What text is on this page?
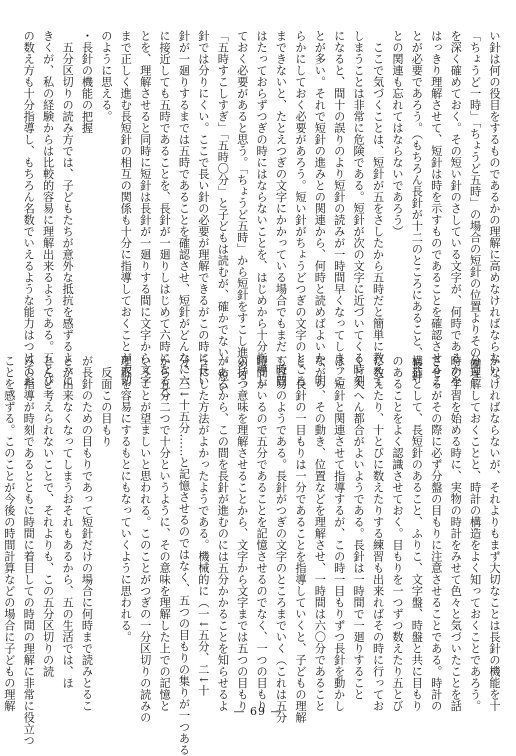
い針は何の役目をするものであるかの理解に高めなければならない。
「ちょうど一時」「ちょうど五時」の場合の短針の位置よりその働き
を深く確めておく。その短い針のさしている文字が、何時であるかを
はっきり理解させて、短針は時を示すものであることを確認させるこ
とが必要であろう。（もちろん長針が十二のところにあること、長針
との関連も忘れてはならないであろう）
　ここで気づくことは、短針が五をさしたから五時だと簡単に教えて
しまうことは非常に危険である。短針が次の文字に近づいてくる時刻
になると、間十の誤りのより短針の読みが一時間早くなってしまうこ
とが多い。それで短針の進みとの関連から、何時と読めばよいか、明
らかにしておく必要があろう。短い針がちょうどつぎの文字のところ
まできないと、たとえつぎの文字にかかっている場合でもまだ一時間
はたっておらずつぎの時にはならないことを、はじめから十分指導し
ておく必要があると思う。「ちょうど五時」から短針をすこし進める。
「五時すこしすぎ」「五時〇分」と子どもは読むが、確かでない。短い
針では分りにくい。ここで長い針の必要が理解できるがこの時に長い
針が一廻りするまでは五時であることを確認させ、短針がどんなに六
に接近しても五時であることを、長針が一廻りしはじめて六時になるこ
とを、理解させると同時に短針は長針が一廻りする間に文字から文字
まで正しく進む長短針の相互の関係も十分に指導しておくことが大切
のように思える。
・長針の機能の把握
　五分区切りの読み方では、子どもたちが意外な抵抗を感ずるように
きくが、私の経験からは比較的容易に理解出来るようである。五とび
の数え方も十分指導し、もちろん名数でいえるような能力はつけてお
かなければならないが、それよりもまず大切なことは長針の機能を十
分理解しておくことと、時計の構造をよく知っておくことであろう。
時の学習を始める時に、実物の時計をみせて色々と気づいたことを話
させるがその際に必ず分盤の目もりに注意させることである。時計の
構造として、長短針のあること、ふりこ、文字盤、時盤と共に目もり
のあることをよく認識させておく。目もりを一つずつ数えたり五とび
に数えたり、十とびに数えたりする練習も出来ればその時に行ってお
くと大へん都合がよいようである。長針は一時間で一廻りすること
は、短針と関連させて指導するが、この時一目もりずつ長針を動かし
ながら、その動き、位置などを理解させ、一時間は六〇分であること
と、長針の一目もりは一分であることを指導していくと、子どもの理解
も容易のようである。長針がつぎの文字のところまでいく（これは五分
時間がいるので五分であることを記憶させるのでなく、一つの目もり
の持つ意味を理解させることから、文字から文字までは五つの目もり
があるから、この間を長針が進むのには五分かかることを知らせるよ
うにした方法がよかったようである。機械的に（一↓五分、二↓十
分、三↓十五分……と記憶させるのではなく、五つの目もりの集りが一つある
から五分二つで十分というように、その意味を理解した上での記憶と
いうことが望ましいと思われる。このことがつぎの一分区切りの読みの
理解を容易にするもとにもなっていくように思われる。
　反面この目もり
が長針のための目もりであって短針だけの場合に何時まで読みとるこ
とが出来なくなってしまうおそれもあるから、五の生活では、ほ
とんど考えられないことで、それよりも、この五分区切りの読
みの指導が時刻であるとともに時間に着目しての時間の理解に非常に役立つ
ことを感ずる。このことが今後の時間計算などの場合に子どもの理解	— 69 —
